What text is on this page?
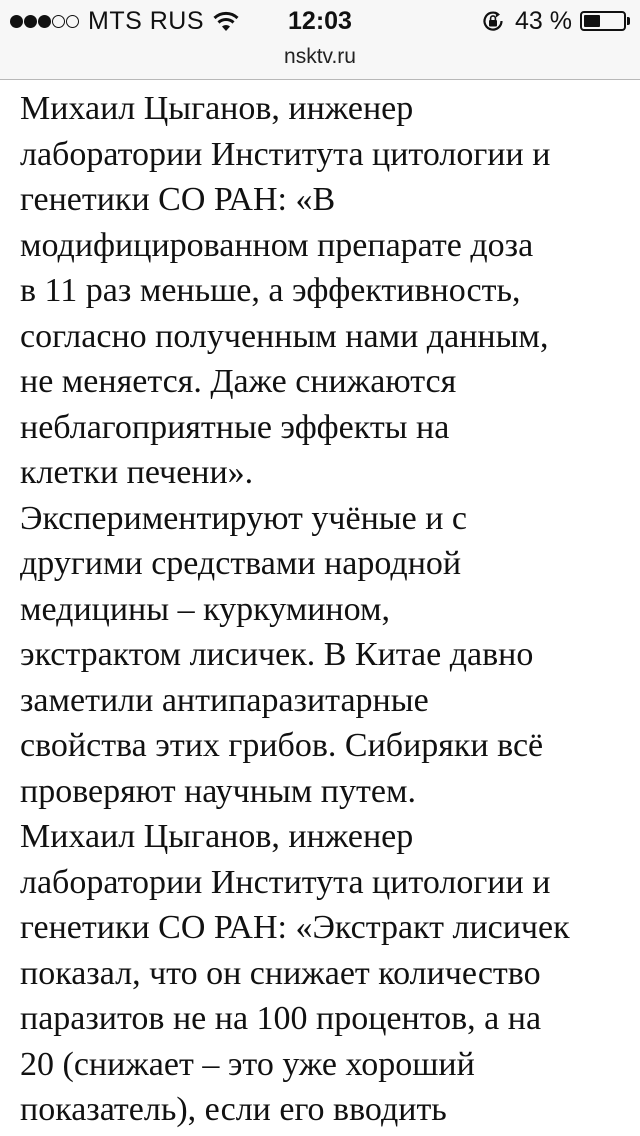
MTS RUS	12:03	43 %
nsktv.ru

Михаил Цыганов, инженер
лаборатории Института цитологии и
генетики СО РАН: «В
модифицированном препарате доза
в 11 раз меньше, а эффективность,
согласно полученным нами данным,
не меняется. Даже снижаются
неблагоприятные эффекты на
клетки печени».

Экспериментируют учёные и с
другими средствами народной
медицины – куркумином,
экстрактом лисичек. В Китае давно
заметили антипаразитарные
свойства этих грибов. Сибиряки всё
проверяют научным путем.

Михаил Цыганов, инженер
лаборатории Института цитологии и
генетики СО РАН: «Экстракт лисичек
показал, что он снижает количество
паразитов не на 100 процентов, а на
20 (снижает – это уже хороший
показатель), если его вводить
